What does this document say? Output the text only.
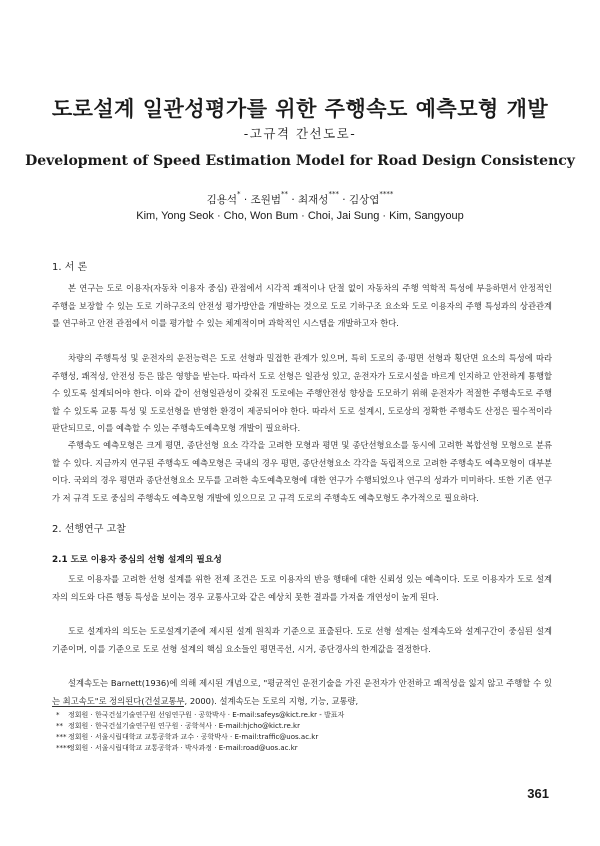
도로설계 일관성평가를 위한 주행속도 예측모형 개발
-고규격 간선도로-
Development of Speed Estimation Model for Road Design Consistency
김용석* · 조원범** · 최재성*** · 김상엽****
Kim, Yong Seok · Cho, Won Bum · Choi, Jai Sung · Kim, Sangyoup
1. 서 론

본 연구는 도로 이용자(자동차 이용자 중심) 관점에서 시각적 쾌적이나 단절 없이 자동차의 주행 역학적 특성에 부응하면서 안정적인 주행을 보장할 수 있는 도로 기하구조의 안전성 평가방안을 개발하는 것으로 도로 기하구조 요소와 도로 이용자의 주행 특성과의 상관관계를 연구하고 안전 관점에서 이를 평가할 수 있는 체계적이며 과학적인 시스템을 개발하고자 한다.

차량의 주행특성 및 운전자의 운전능력은 도로 선형과 밀접한 관계가 있으며, 특히 도로의 종·평면 선형과 횡단면 요소의 특성에 따라 주행성, 쾌적성, 안전성 등은 많은 영향을 받는다. 따라서 도로 선형은 일관성 있고, 운전자가 도로시설을 바르게 인지하고 안전하게 통행할 수 있도록 설계되어야 한다. 이와 같이 선형일관성이 갖춰진 도로에는 주행안전성 향상을 도모하기 위해 운전자가 적절한 주행속도로 주행 할 수 있도록 교통 특성 및 도로선형을 반영한 환경이 제공되어야 한다. 따라서 도로 설계시, 도로상의 정확한 주행속도 산정은 필수적이라 판단되므로, 이를 예측할 수 있는 주행속도예측모형 개발이 필요하다.

주행속도 예측모형은 크게 평면, 종단선형 요소 각각을 고려한 모형과 평면 및 종단선형요소를 동시에 고려한 복합선형 모형으로 분류할 수 있다. 지금까지 연구된 주행속도 예측모형은 국내의 경우 평면, 종단선형요소 각각을 독립적으로 고려한 주행속도 예측모형이 대부분이다. 국외의 경우 평면과 종단선형요소 모두를 고려한 속도예측모형에 대한 연구가 수행되었으나 연구의 성과가 미미하다. 또한 기존 연구가 저 규격 도로 중심의 주행속도 예측모형 개발에 있으므로 고 규격 도로의 주행속도 예측모형도 추가적으로 필요하다.

2. 선행연구 고찰
2.1 도로 이용자 중심의 선형 설계의 필요성

도로 이용자를 고려한 선형 설계를 위한 전제 조건은 도로 이용자의 반응 행태에 대한 신뢰성 있는 예측이다. 도로 이용자가 도로 설계자의 의도와 다른 행동 특성을 보이는 경우 교통사고와 같은 예상치 못한 결과를 가져올 개연성이 높게 된다.

도로 설계자의 의도는 도로설계기준에 제시된 설계 원칙과 기준으로 표출된다. 도로 선형 설계는 설계속도와 설계구간이 중심된 설계 기준이며, 이를 기준으로 도로 선형 설계의 핵심 요소들인 평면곡선, 시거, 종단경사의 한계값을 결정한다.

설계속도는 Barnett(1936)에 의해 제시된 개념으로, "평균적인 운전기술을 가진 운전자가 안전하고 쾌적성을 잃지 않고 주행할 수 있는 최고속도"로 정의된다(건설교통부, 2000). 설계속도는 도로의 지형, 기능, 교통량,

* 정회원 · 한국건설기술연구원 선임연구원 · 공학박사 · E-mail:safeys@kict.re.kr - 발표자
** 정회원 · 한국건설기술연구원 연구원 · 공학석사 · E-mail:hjcho@kict.re.kr
*** 정회원 · 서울시립대학교 교통공학과 교수 · 공학박사 · E-mail:traffic@uos.ac.kr
****정회원 · 서울시립대학교 교통공학과 · 박사과정 · E-mail:road@uos.ac.kr
361
